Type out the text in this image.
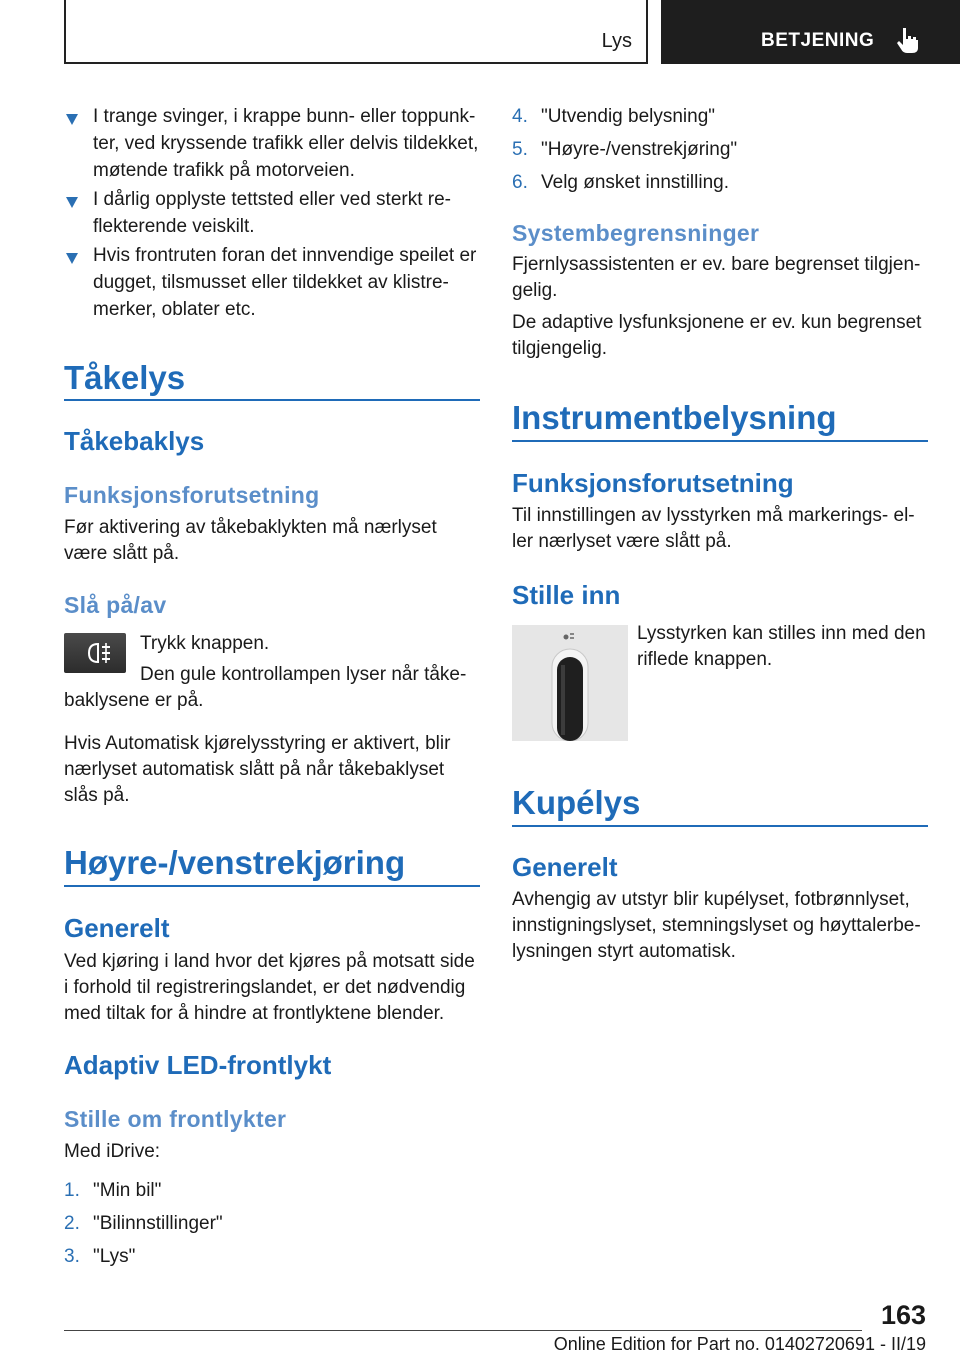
Lys	BETJENING
I trange svinger, i krappe bunn- eller toppunk-ter, ved kryssende trafikk eller delvis tildekket, møtende trafikk på motorveien.
I dårlig opplyste tettsted eller ved sterkt re-flekterende veiskilt.
Hvis frontruten foran det innvendige speilet er dugget, tilsmusset eller tildekket av klistre-merker, oblater etc.
Tåkelys
Tåkebaklys
Funksjonsforutsetning
Før aktivering av tåkebaklykten må nærlyset være slått på.
Slå på/av
Trykk knappen.
Den gule kontrollampen lyser når tåke-baklysene er på.
Hvis Automatisk kjørelysstyring er aktivert, blir nærlyset automatisk slått på når tåkebaklyset slås på.
Høyre-/venstrekjøring
Generelt
Ved kjøring i land hvor det kjøres på motsatt side i forhold til registreringslandet, er det nødvendig med tiltak for å hindre at frontlyktene blender.
Adaptiv LED-frontlykt
Stille om frontlykter
Med iDrive:
1. "Min bil"
2. "Bilinnstillinger"
3. "Lys"
4. "Utvendig belysning"
5. "Høyre-/venstrekjøring"
6. Velg ønsket innstilling.
Systembegrensninger
Fjernlysassistenten er ev. bare begrenset tilgjen-gelig.
De adaptive lysfunksjonene er ev. kun begrenset tilgjengelig.
Instrumentbelysning
Funksjonsforutsetning
Til innstillingen av lysstyrken må markerings- el-ler nærlyset være slått på.
Stille inn
Lysstyrken kan stilles inn med den riflede knappen.
Kupélys
Generelt
Avhengig av utstyr blir kupélyset, fotbrønnlyset, innstigningslyset, stemningslyset og høyttalerbe-lysningen styrt automatisk.
163
Online Edition for Part no. 01402720691 - II/19
